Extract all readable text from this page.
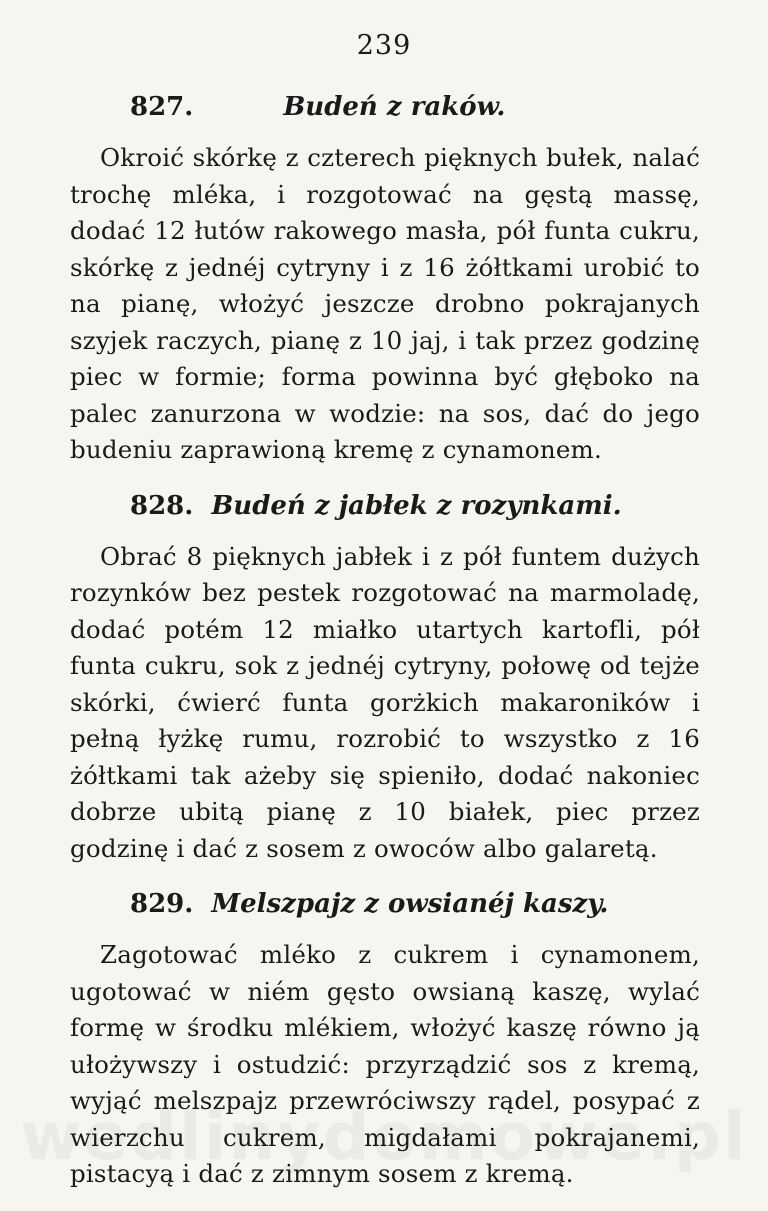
239
827.	Budeń z raków.

Okroić skórkę z czterech pięknych bułek, nalać trochę mléka, i rozgotować na gęstą massę, dodać 12 łutów rakowego masła, pół funta cukru, skórkę z jednéj cytryny i z 16 żółtkami urobić to na pianę, włożyć jeszcze drobno pokrajanych szyjek raczych, pianę z 10 jaj, i tak przez godzinę piec w formie; forma powinna być głęboko na palec zanurzona w wodzie: na sos, dać do jego budeniu zaprawioną kremę z cynamonem.

828. Budeń z jabłek z rozynkami.

Obrać 8 pięknych jabłek i z pół funtem dużych rozynków bez pestek rozgotować na marmoladę, dodać potém 12 miałko utartych kartofli, pół funta cukru, sok z jednéj cytryny, połowę od tejże skórki, ćwierć funta gorżkich makaroników i pełną łyżkę rumu, rozrobić to wszystko z 16 żółtkami tak ażeby się spieniło, dodać nakoniec dobrze ubitą pianę z 10 białek, piec przez godzinę i dać z sosem z owoców albo galaretą.

829. Melszpajz z owsianéj kaszy.

Zagotować mléko z cukrem i cynamonem, ugotować w niém gęsto owsianą kaszę, wylać formę w środku mlékiem, włożyć kaszę równo ją ułożywszy i ostudzić: przyrządzić sos z kremą, wyjąć melszpajz przewróciwszy rądel, posypać z wierzchu cukrem, migdałami pokrajanemi, pistacyą i dać z zimnym sosem z kremą.
